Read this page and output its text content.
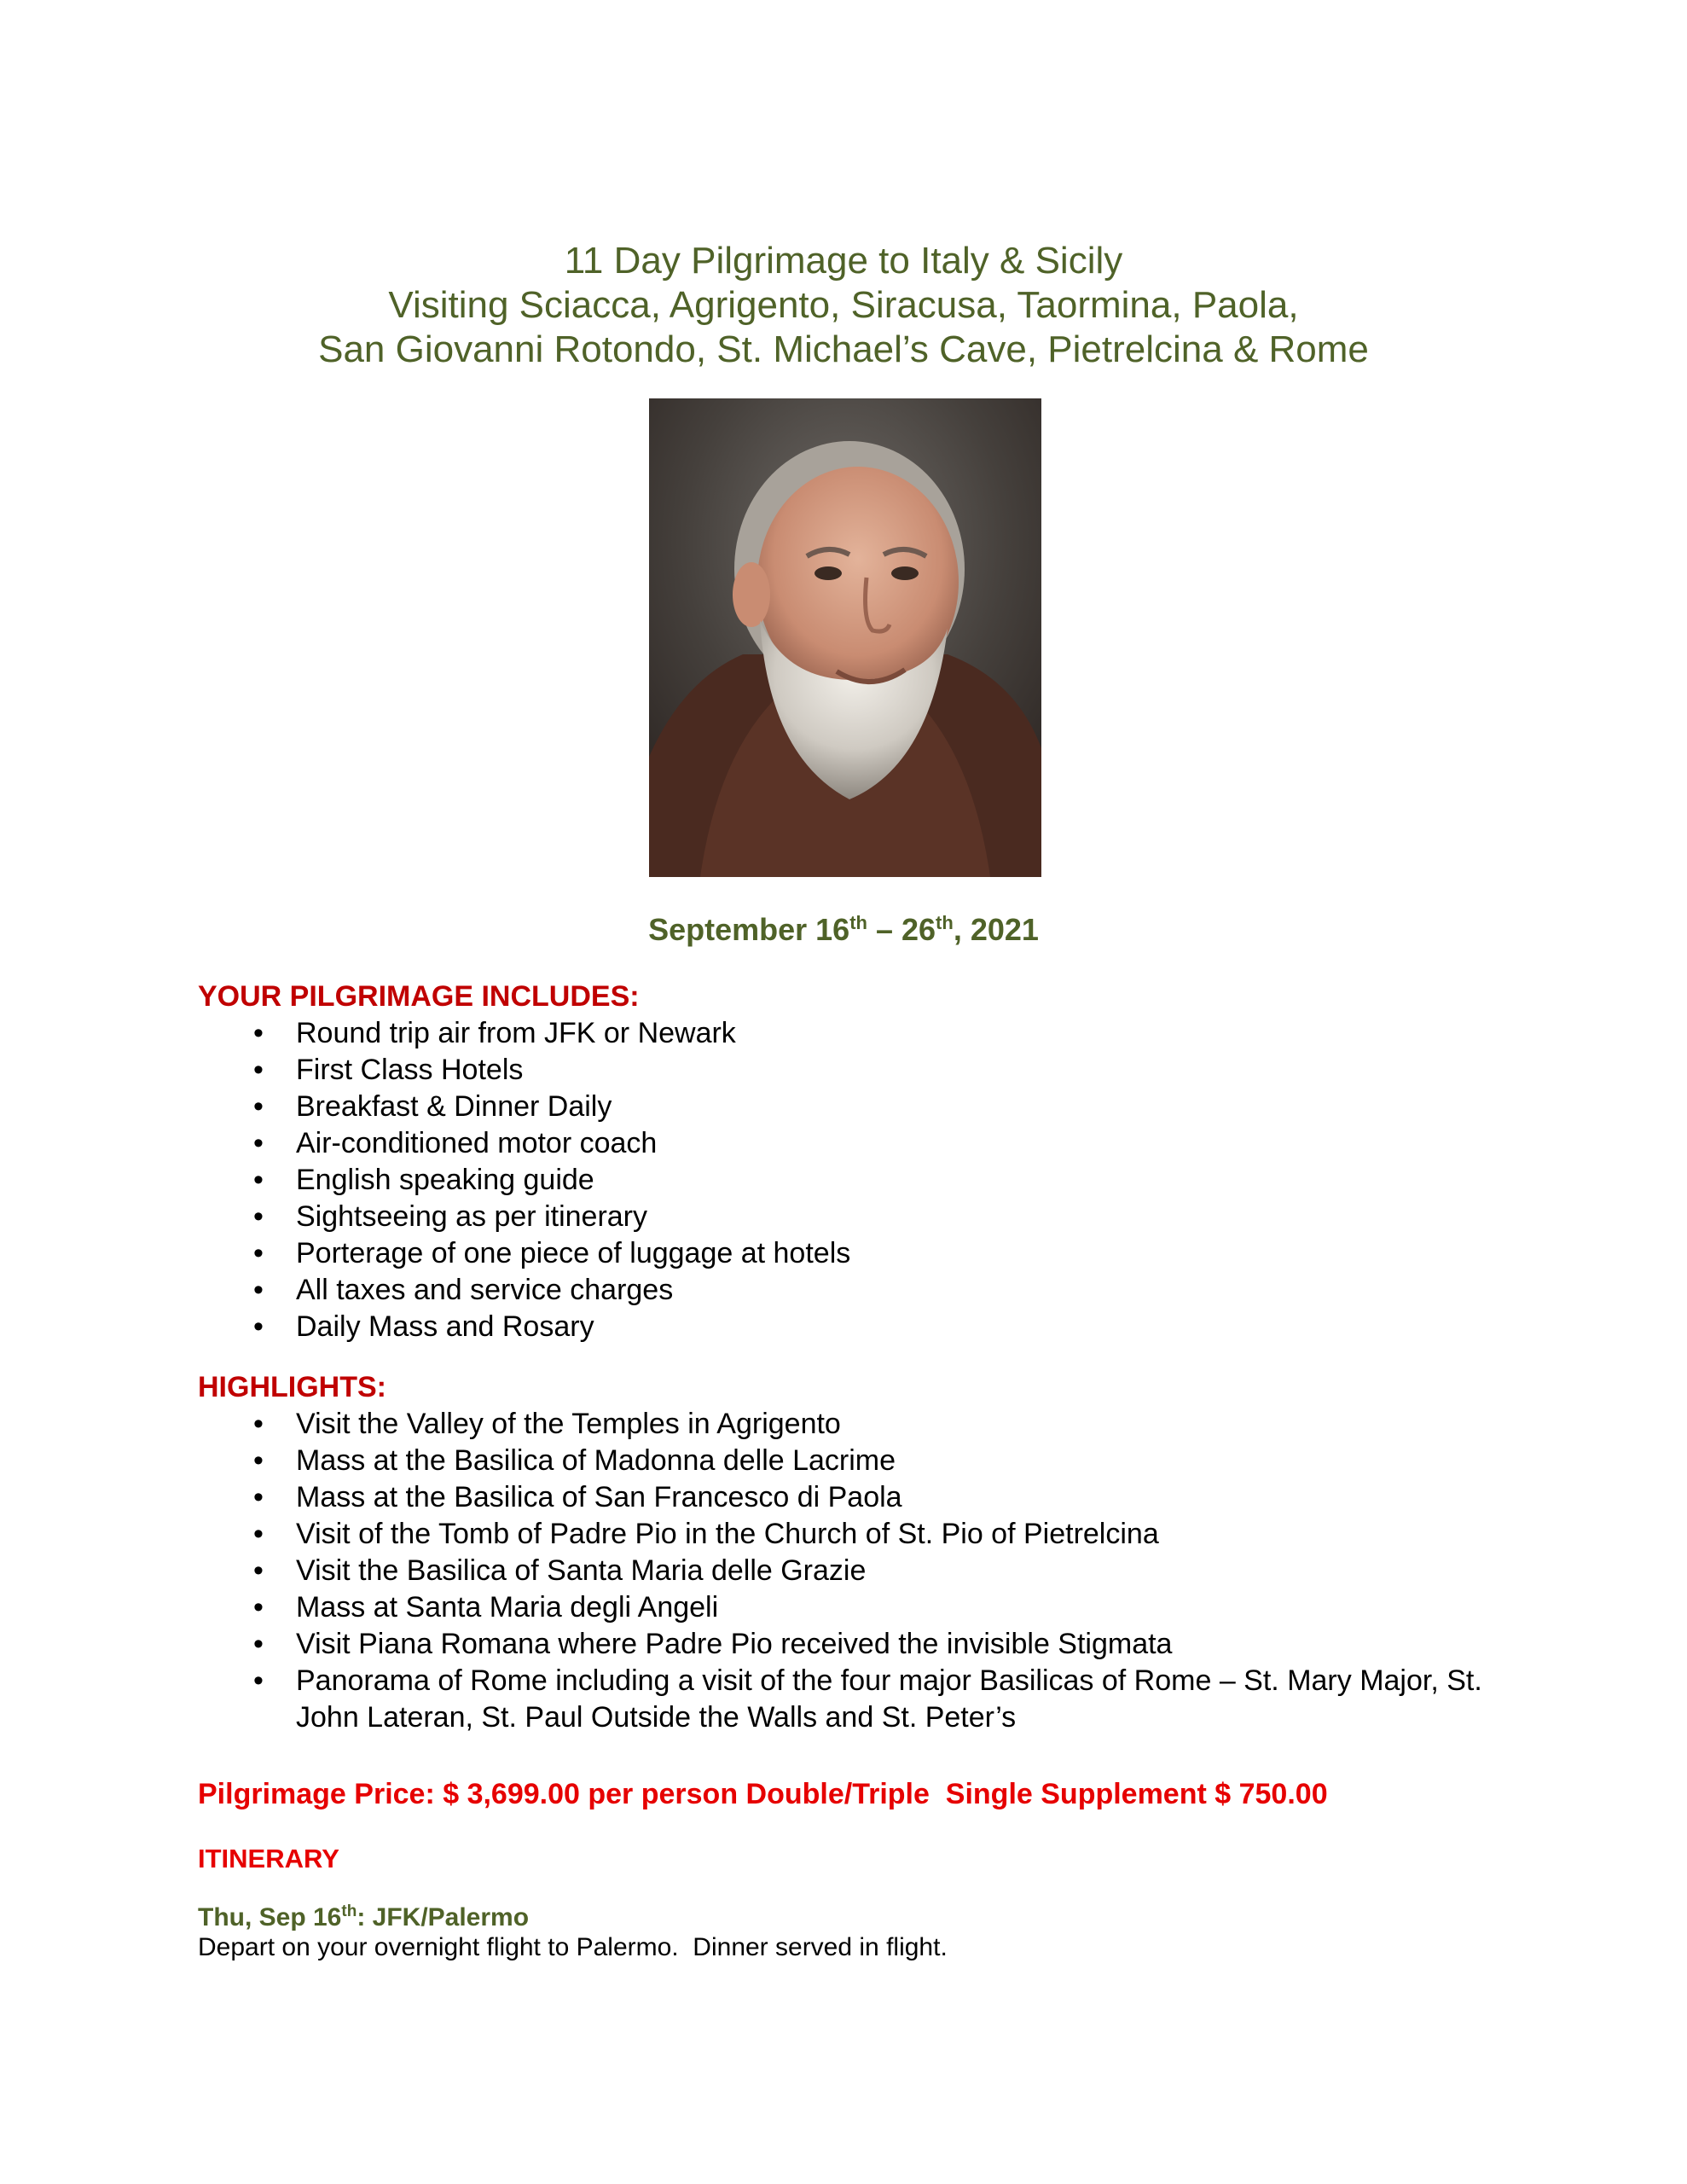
11 Day Pilgrimage to Italy & Sicily
Visiting Sciacca, Agrigento, Siracusa, Taormina, Paola,
San Giovanni Rotondo, St. Michael’s Cave, Pietrelcina & Rome
September 16th – 26th, 2021
YOUR PILGRIMAGE INCLUDES:
• Round trip air from JFK or Newark
• First Class Hotels
• Breakfast & Dinner Daily
• Air-conditioned motor coach
• English speaking guide
• Sightseeing as per itinerary
• Porterage of one piece of luggage at hotels
• All taxes and service charges
• Daily Mass and Rosary
HIGHLIGHTS:
• Visit the Valley of the Temples in Agrigento
• Mass at the Basilica of Madonna delle Lacrime
• Mass at the Basilica of San Francesco di Paola
• Visit of the Tomb of Padre Pio in the Church of St. Pio of Pietrelcina
• Visit the Basilica of Santa Maria delle Grazie
• Mass at Santa Maria degli Angeli
• Visit Piana Romana where Padre Pio received the invisible Stigmata
• Panorama of Rome including a visit of the four major Basilicas of Rome – St. Mary Major, St. John Lateran, St. Paul Outside the Walls and St. Peter’s
Pilgrimage Price: $ 3,699.00 per person Double/Triple  Single Supplement $ 750.00
ITINERARY
Thu, Sep 16th: JFK/Palermo
Depart on your overnight flight to Palermo.  Dinner served in flight.
